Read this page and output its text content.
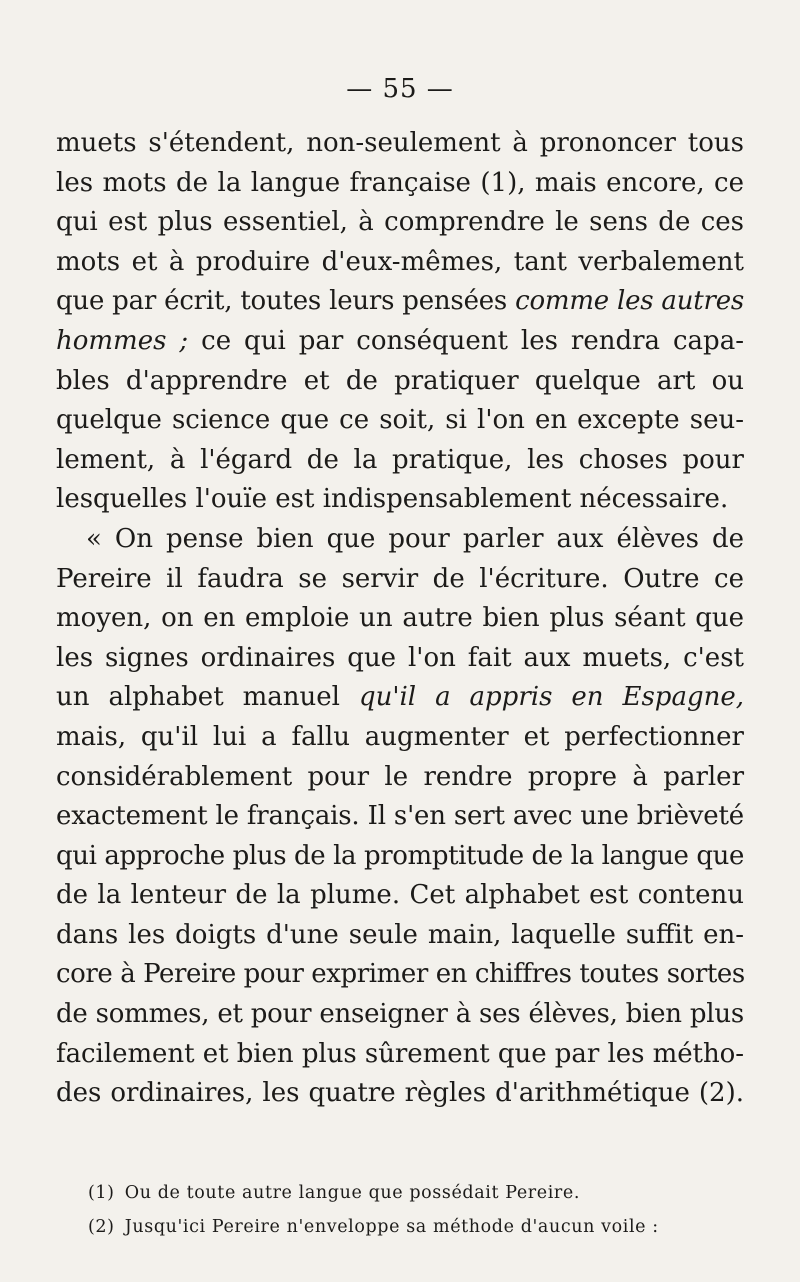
— 55 —
muets s'étendent, non-seulement à prononcer tous
les mots de la langue française (1), mais encore, ce
qui est plus essentiel, à comprendre le sens de ces
mots et à produire d'eux-mêmes, tant verbalement
que par écrit, toutes leurs pensées comme les autres
hommes ; ce qui par conséquent les rendra capa-
bles d'apprendre et de pratiquer quelque art ou
quelque science que ce soit, si l'on en excepte seu-
lement, à l'égard de la pratique, les choses pour
lesquelles l'ouïe est indispensablement nécessaire.
« On pense bien que pour parler aux élèves de
Pereire il faudra se servir de l'écriture. Outre ce
moyen, on en emploie un autre bien plus séant que
les signes ordinaires que l'on fait aux muets, c'est
un alphabet manuel qu'il a appris en Espagne,
mais, qu'il lui a fallu augmenter et perfectionner
considérablement pour le rendre propre à parler
exactement le français. Il s'en sert avec une brièveté
qui approche plus de la promptitude de la langue que
de la lenteur de la plume. Cet alphabet est contenu
dans les doigts d'une seule main, laquelle suffit en-
core à Pereire pour exprimer en chiffres toutes sortes
de sommes, et pour enseigner à ses élèves, bien plus
facilement et bien plus sûrement que par les métho-
des ordinaires, les quatre règles d'arithmétique (2).
(1) Ou de toute autre langue que possédait Pereire.
(2) Jusqu'ici Pereire n'enveloppe sa méthode d'aucun voile :
